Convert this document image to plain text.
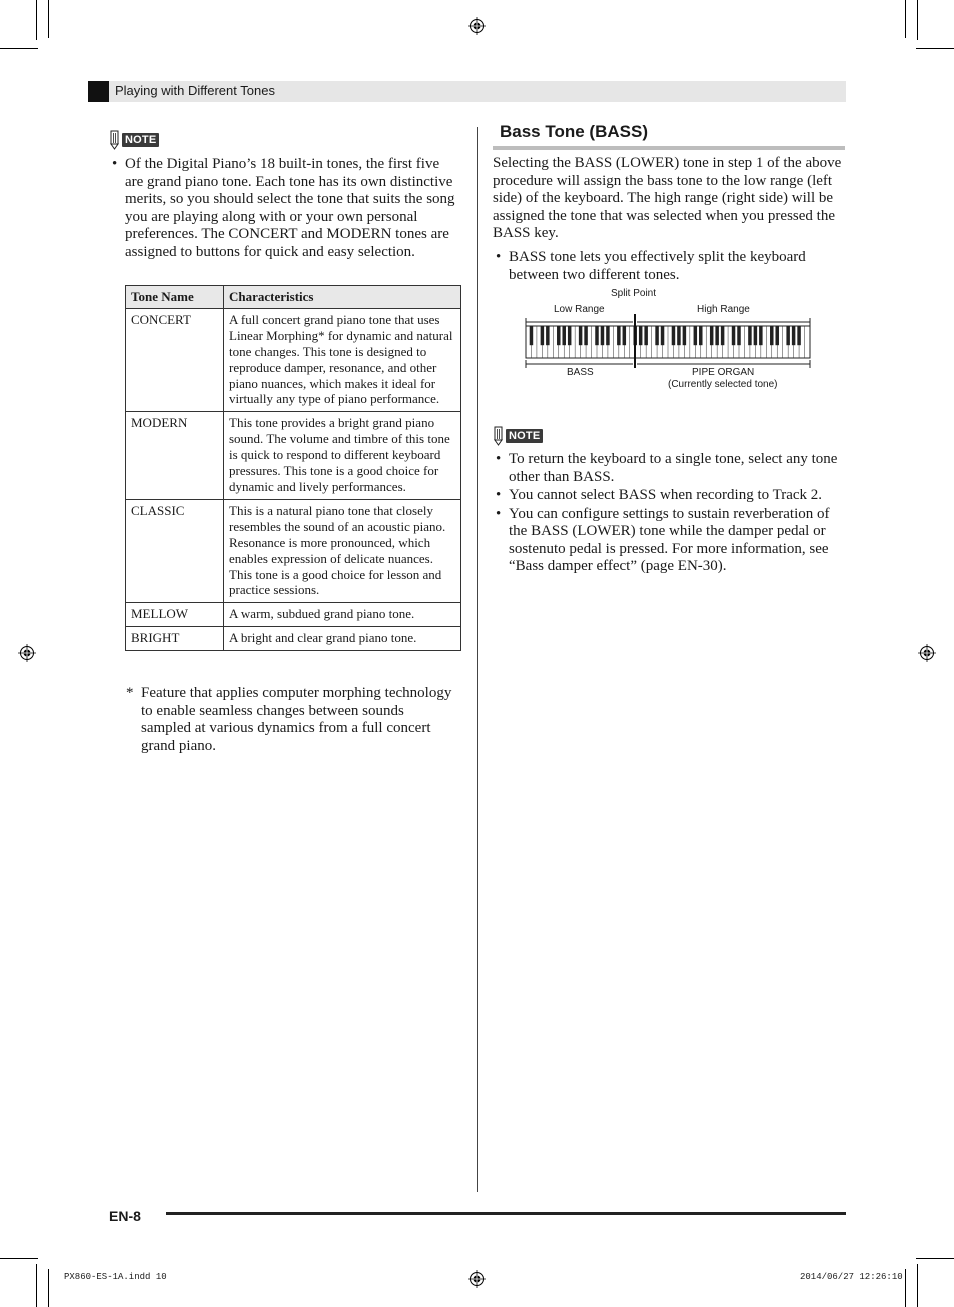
Playing with Different Tones
NOTE
• Of the Digital Piano’s 18 built-in tones, the first five are grand piano tone. Each tone has its own distinctive merits, so you should select the tone that suits the song you are playing along with or your own personal preferences. The CONCERT and MODERN tones are assigned to buttons for quick and easy selection.
Tone Name	Characteristics
CONCERT	A full concert grand piano tone that uses Linear Morphing* for dynamic and natural tone changes. This tone is designed to reproduce damper, resonance, and other piano nuances, which makes it ideal for virtually any type of piano performance.
MODERN	This tone provides a bright grand piano sound. The volume and timbre of this tone is quick to respond to different keyboard pressures. This tone is a good choice for dynamic and lively performances.
CLASSIC	This is a natural piano tone that closely resembles the sound of an acoustic piano. Resonance is more pronounced, which enables expression of delicate nuances. This tone is a good choice for lesson and practice sessions.
MELLOW	A warm, subdued grand piano tone.
BRIGHT	A bright and clear grand piano tone.
* Feature that applies computer morphing technology to enable seamless changes between sounds sampled at various dynamics from a full concert grand piano.
Bass Tone (BASS)

Selecting the BASS (LOWER) tone in step 1 of the above procedure will assign the bass tone to the low range (left side) of the keyboard. The high range (right side) will be assigned the tone that was selected when you pressed the BASS key.

• BASS tone lets you effectively split the keyboard between two different tones.
Split Point
Low Range	High Range
BASS	PIPE ORGAN
(Currently selected tone)
NOTE
• To return the keyboard to a single tone, select any tone other than BASS.
• You cannot select BASS when recording to Track 2.
• You can configure settings to sustain reverberation of the BASS (LOWER) tone while the damper pedal or sostenuto pedal is pressed. For more information, see “Bass damper effect” (page EN-30).
EN-8
PX860-ES-1A.indd 10	2014/06/27 12:26:10
